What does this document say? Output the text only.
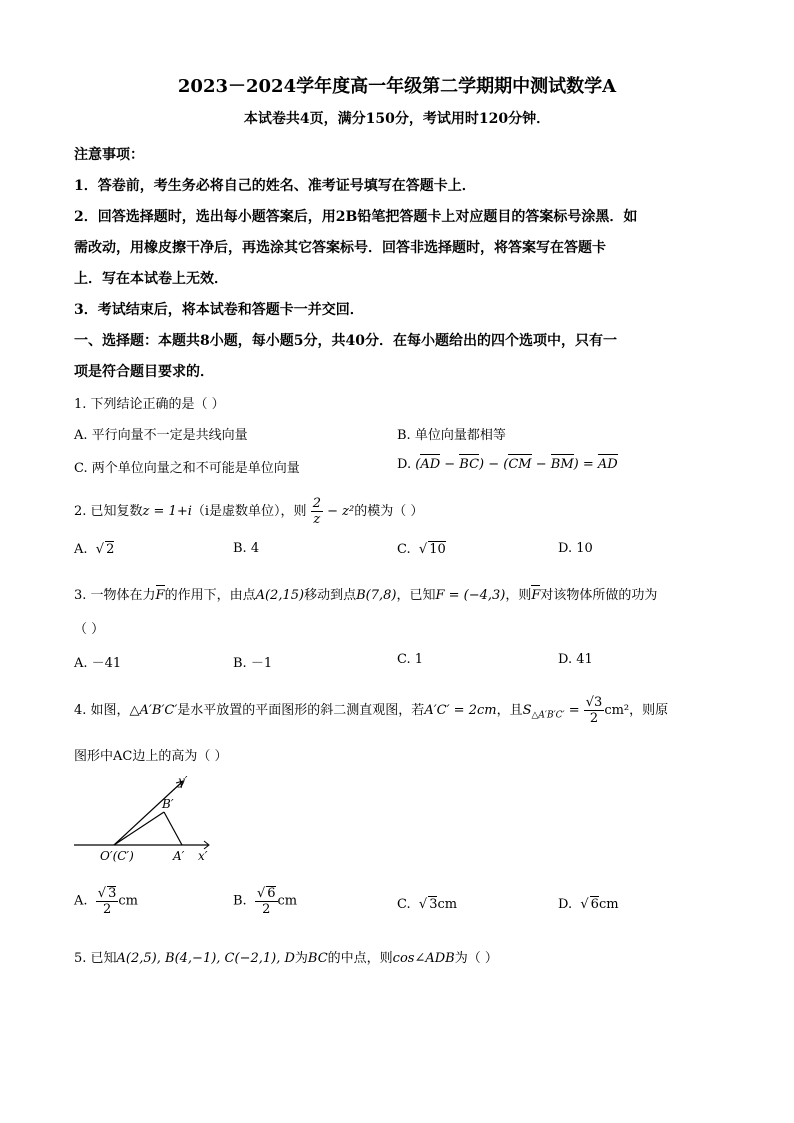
2023－2024学年度高一年级第二学期期中测试数学A
本试卷共4页，满分150分，考试用时120分钟．
注意事项：
1．答卷前，考生务必将自己的姓名、准考证号填写在答题卡上．
2．回答选择题时，选出每小题答案后，用2B铅笔把答题卡上对应题目的答案标号涂黑．如
需改动，用橡皮擦干净后，再选涂其它答案标号．回答非选择题时，将答案写在答题卡
上．写在本试卷上无效．
3．考试结束后，将本试卷和答题卡一并交回．
一、选择题：本题共8小题，每小题5分，共40分．在每小题给出的四个选项中，只有一
项是符合题目要求的．
1. 下列结论正确的是（ ）
A. 平行向量不一定是共线向量	B. 单位向量都相等
C. 两个单位向量之和不可能是单位向量	D. (AD − BC) − (CM − BM) = AD
2. 已知复数z = 1+i（i是虚数单位），则 $\frac{2}{z} - z^2$的模为（ ）
A.  √ 2	B. 4	C.  √ 10	D. 10
3. 一物体在力F的作用下，由点A(2,15)移动到点B(7,8)，已知F = (−4,3)，则F对该物体所做的功为
（ ）
A. －41	B. －1	C. 1	D. 41
4. 如图，△A′B′C′是水平放置的平面图形的斜二测直观图，若A′C′ = 2cm，且$S_{\triangle A'B'C'} = \frac{√3}{2} cm^2$，则原
图形中AC边上的高为（ ）
y′
B′
A′ x′
O′(C′)
A. $\frac{√ 3}{2}$ cm	B. $\frac{√ 6}{2}$ cm	C.  √ 3cm	D.  √ 6cm
5. 已知A(2,5), B(4,−1), C(−2,1), D为BC的中点，则cos∠ADB为（ ）
